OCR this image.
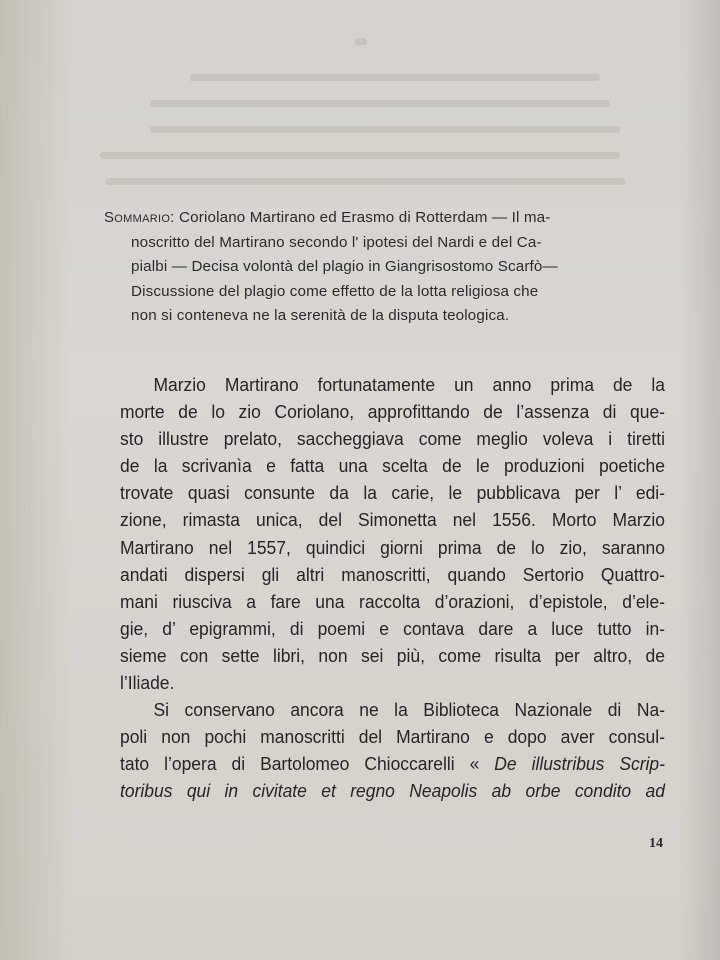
Sommario: Coriolano Martirano ed Erasmo di Rotterdam — Il ma-
noscritto del Martirano secondo l' ipotesi del Nardi e del Ca-
pialbi — Decisa volontà del plagio in Giangrisostomo Scarfò—
Discussione del plagio come effetto de la lotta religiosa che
non si conteneva ne la serenità de la disputa teologica.
Marzio Martirano fortunatamente un anno prima de la
morte de lo zio Coriolano, approfittando de l’assenza di que-
sto illustre prelato, saccheggiava come meglio voleva i tiretti
de la scrivanìa e fatta una scelta de le produzioni poetiche
trovate quasi consunte da la carie, le pubblicava per l’ edi-
zione, rimasta unica, del Simonetta nel 1556. Morto Marzio
Martirano nel 1557, quindici giorni prima de lo zio, saranno
andati dispersi gli altri manoscritti, quando Sertorio Quattro-
mani riusciva a fare una raccolta d’orazioni, d’epistole, d’ele-
gie, d’ epigrammi, di poemi e contava dare a luce tutto in-
sieme con sette libri, non sei più, come risulta per altro, de
l’Iliade.
Si conservano ancora ne la Biblioteca Nazionale di Na-
poli non pochi manoscritti del Martirano e dopo aver consul-
tato l’opera di Bartolomeo Chioccarelli « De illustribus Scrip-
toribus qui in civitate et regno Neapolis ab orbe condito ad
14
